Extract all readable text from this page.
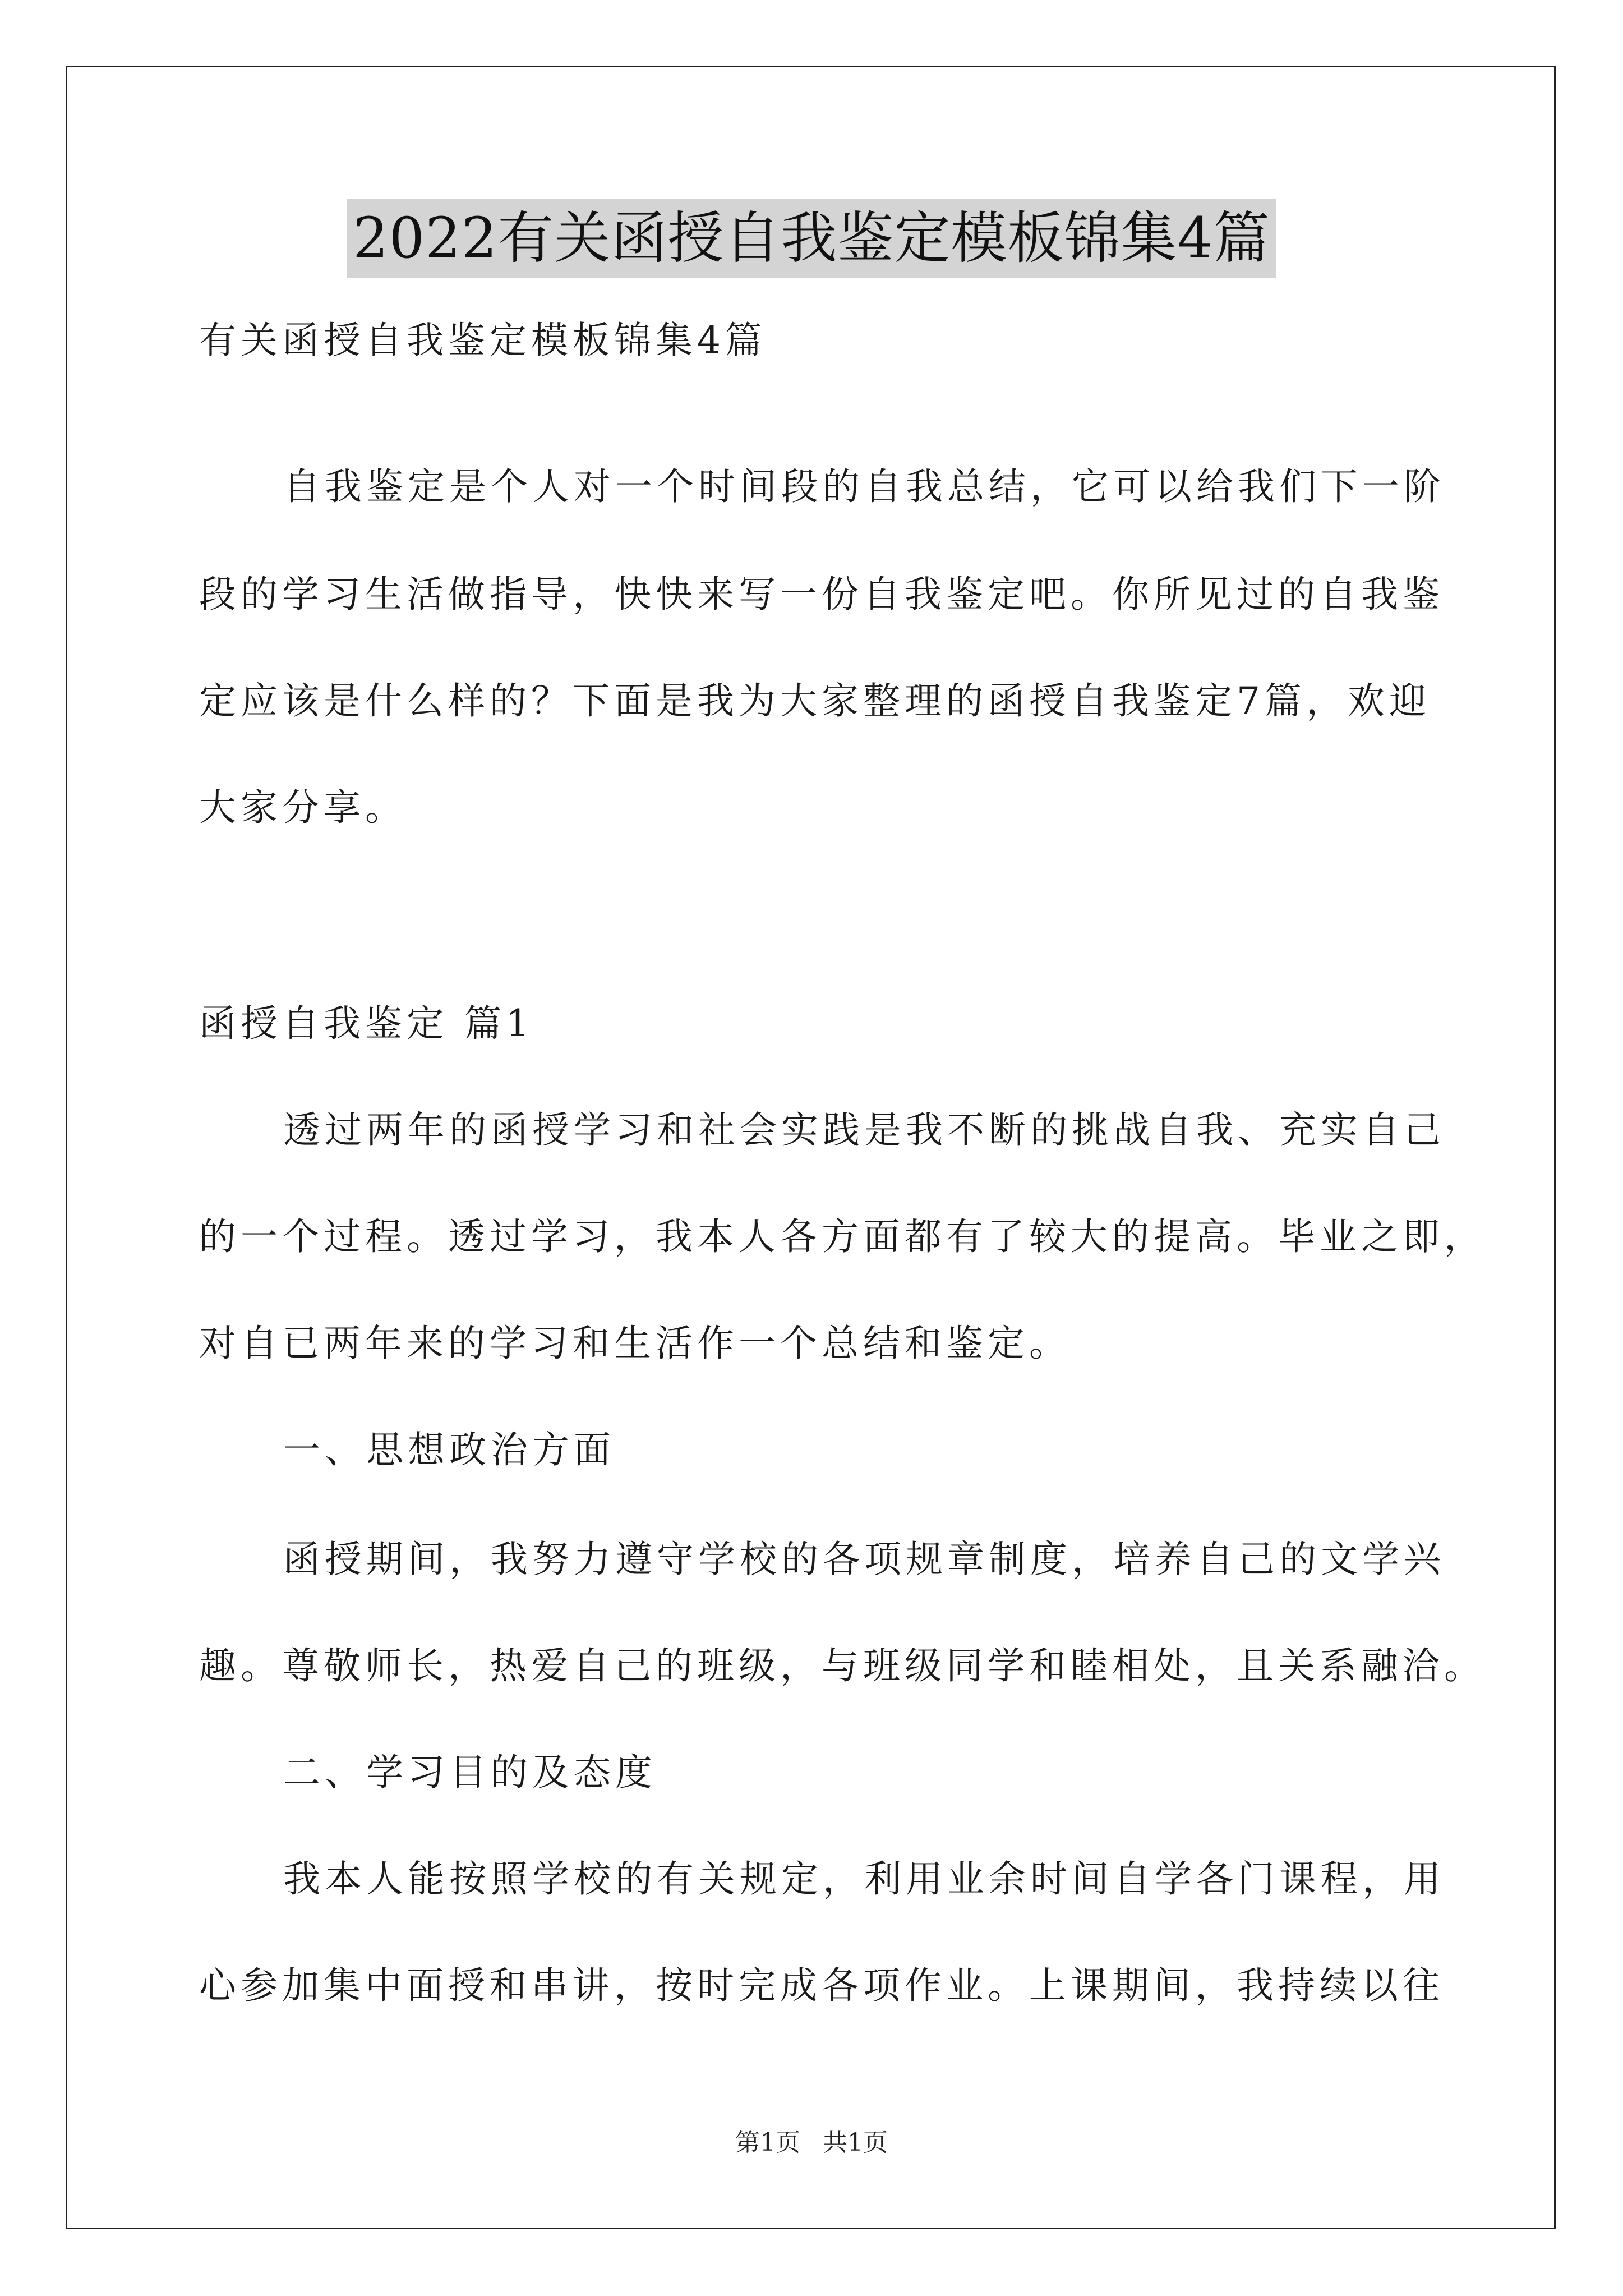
2022有关函授自我鉴定模板锦集4篇
有关函授自我鉴定模板锦集4篇
自我鉴定是个人对一个时间段的自我总结，它可以给我们下一阶
段的学习生活做指导，快快来写一份自我鉴定吧。你所见过的自我鉴
定应该是什么样的？下面是我为大家整理的函授自我鉴定7篇，欢迎
大家分享。
函授自我鉴定 篇1
透过两年的函授学习和社会实践是我不断的挑战自我、充实自己
的一个过程。透过学习，我本人各方面都有了较大的提高。毕业之即，
对自已两年来的学习和生活作一个总结和鉴定。
一、思想政治方面
函授期间，我努力遵守学校的各项规章制度，培养自己的文学兴
趣。尊敬师长，热爱自己的班级，与班级同学和睦相处，且关系融洽。
二、学习目的及态度
我本人能按照学校的有关规定，利用业余时间自学各门课程，用
心参加集中面授和串讲，按时完成各项作业。上课期间，我持续以往
第1页 共1页
